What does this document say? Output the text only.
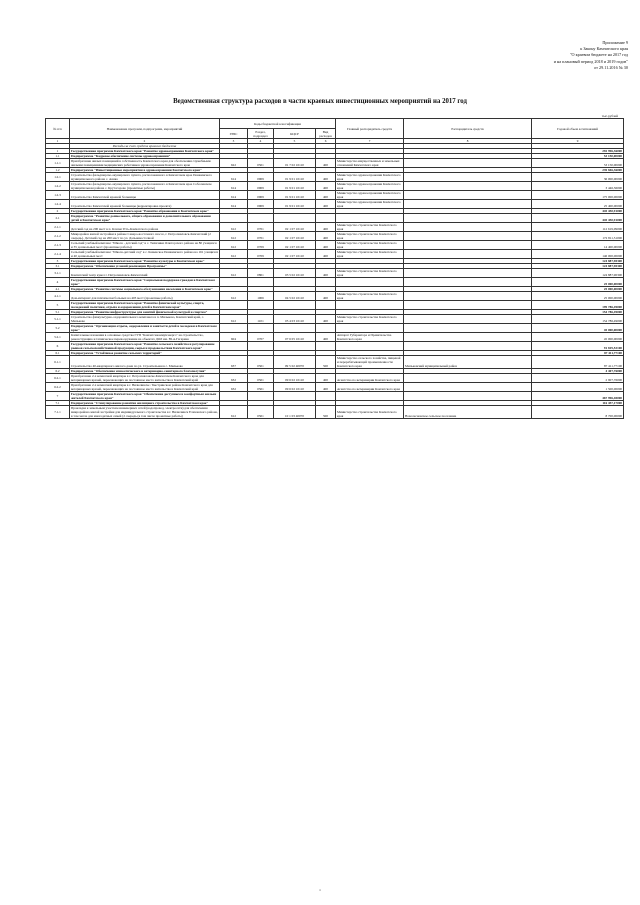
Приложение 9
к Закону Камчатского края
"О краевом бюджете на 2017 год
и на плановый период 2018 и 2019 годов"
от 29.11.2016 № 30
Ведомственная структура расходов в части краевых инвестиционных мероприятий на 2017 год
тыс.рублей
№ п/п	Наименование программ, подпрограмм, мероприятий	Коды бюджетной классификации				Главный распорядитель средств	Распорядитель средств	Годовой объем ассигнований
		ГРБС	Раздел, подраздел	КЦСР	Вид расходов			
1	2	3	4	5	6	7	8	9
	Расходы за счет средств краевого бюджета							
1	Государственная программа Камчатского края "Развитие здравоохранения Камчатского края"							292 996,36000
1.1	Подпрограмма "Кадровое обеспечение системы здравоохранения"							53 150,00000
1.1.1	Приобретение жилых помещений в собственность Камчатского края для обеспечения служебными жилыми помещениями медицинских работников здравоохранения Камчатского края	622	0501	01 7 02 10110	400	Министерство имущественных и земельных отношений Камчатского края		53 150,00000
1.2	Подпрограмма "Инвестиционные мероприятия в здравоохранении Камчатского края"							239 846,36000
1.2.1	Строительство фельдшерско-акушерского пункта, расположенного в Камчатском крае Пенжинского муниципального района с. Аянка	614	0909	01 9 01 10110	400	Министерство здравоохранения Камчатского края		36 000,00000
1.2.2	Строительство фельдшерско-акушерского пункта, расположенного в Камчатском крае Соболевском муниципальном районе с. Крутогорово (проектные работы)	614	0909	01 9 01 10110	400	Министерство здравоохранения Камчатского края		3 446,36000
1.2.3	Строительство Камчатской краевой больницы	614	0909	01 9 01 10110	400	Министерство здравоохранения Камчатского края		175 000,00000
1.2.4	Строительство Камчатской краевой больницы (корректировка проекта)	614	0909	01 9 01 10110	400	Министерство здравоохранения Камчатского края		25 400,00000
2	Государственная программа Камчатского края "Развитие образования в Камчатском крае"							445 450,91000
2.1	Подпрограмма "Развитие дошкольного, общего образования и дополнительного образования детей в Камчатском крае"							445 450,91000
2.1.1	Детский сад на 200 мест в п. Ключи Усть-Камчатского района	612	0701	02 1 07 10110	400	Министерство строительства Камчатского края		112 619,09000
2.1.2	Микрорайон жилой застройки в районе Северо-восточного шоссе, г. Петропавловск-Камчатский (2 очередь). Детский сад на 260 мест по ул. Дальневосточной	612	0701	02 1 07 10110	400	Министерство строительства Камчатского края		172 811,51000
2.1.3	Сельский учебный комплекс "Школа - детский сад" в с. Тиличики Олюторского района на 80 учащихся и 35 дошкольных мест (проектные работы)	612	0709	02 1 07 10110	400	Министерство строительства Камчатского края		14 400,00000
2.1.4	Сельский учебный комплекс "Школа-детский сад" в с. Каменское Пенжинского района на 161 учащихся и 40 дошкольных мест	612	0709	02 1 07 10110	400	Министерство строительства Камчатского края		146 000,00000
3	Государственная программа Камчатского края "Развитие культуры в Камчатском крае"							124 887,90300
3.1	Подпрограмма "Обеспечение условий реализации Программы"							124 887,90300
3.1.1	Камчатский театр кукол г. Петропавловск-Камчатский	612	0801	03 5 02 10110	400	Министерство строительства Камчатского края		124 887,90300
4	Государственная программа Камчатского края "Социальная поддержка граждан в Камчатском крае"							25 000,00000
4.1	Подпрограмма "Развитие системы социального обслуживания населения в Камчатском крае"							25 000,00000
4.1.1	Дом-интернат для психически больных на 403 мест (проектные работы)	612	1006	04 5 02 10110	400	Министерство строительства Камчатского края		25 000,00000
5	Государственная программа Камчатского края "Развитие физической культуры, спорта, молодежной политики, отдыха и оздоровления детей в Камчатском крае"							199 786,49000
5.1	Подпрограмма "Развитие инфраструктуры для занятий физической культурой и спортом"							154 786,49000
5.1.1	Строительство физкультурно-оздоровительного комплекса в п. Мильково, Камчатский край, с. Мильково	612	1101	05 4 03 10110	400	Министерство строительства Камчатского края		154 786,49000
5.2	Подпрограмма "Организация отдыха, оздоровления и занятости детей и молодежи в Камчатском крае"							45 000,00000
5.2.1	Капитальные вложения в основные средства ГУП "Камчатсккоммунэнерго" на строительство, реконструкцию и техническое перевооружение на объектах ДОЛ им. Ю.А.Гагарина	604	0707	07 6 05 10110	400	Аппарат Губернатора и Правительства Камчатского края		45 000,00000
6	Государственная программа Камчатского края "Развитие сельского хозяйства и регулирование рынков сельскохозяйственной продукции, сырья и продовольствия Камчатского края"							91 819,53100
6.1	Подпрограмма "Устойчивое развитие сельских территорий"							87 411,77100
6.1.1	Строительство 40-квартирного жилого дома по ул. Строительная в с. Мильково	637	0501	09 5 02 40070	500	Министерство сельского хозяйства, пищевой и перерабатывающей промышленности Камчатского края	Мильковский муниципальный район	87 411,77100
6.2	Подпрограмма "Обеспечение эпизоотического и ветеринарно-санитарного благополучия"							4 407,76000
6.2.1	Приобретение 2-х комнатной квартиры в г. Петропавловске-Камчатском Камчатского края для ветеринарных врачей, переезжающих на постоянное место жительства в Камчатский край	632	0501	09 6 02 10110	400	Агентство по ветеринарии Камчатского края		2 907,76000
6.2.2	Приобретение 2-х комнатной квартиры в г. Вилючинске / Быстринском районе Камчатского края для ветеринарных врачей, переезжающих на постоянное место жительства в Камчатский край	632	0501	09 6 02 10110	400	Агентство по ветеринарии Камчатского края		1 500,00000
7	Государственная программа Камчатского края "Обеспечение доступным и комфортным жильем жителей Камчатского края"							467 996,40000
7.1	Подпрограмма "Стимулирование развития жилищного строительства в Камчатском крае"							116 457,17000
7.1.1	Прокладка к земельным участкам инженерных сетей (водопровод, электросети) для обеспечения микрорайона жилой застройки для индивидуального строительства в г. Вилючинск Елизовского района, в том числе для многодетных семей (2 очередь (в том числе проектные работы)	612	0501	10 1 03 40070	500	Министерство строительства Камчатского края	Новолесновское сельское поселение	8 700,00000
1
